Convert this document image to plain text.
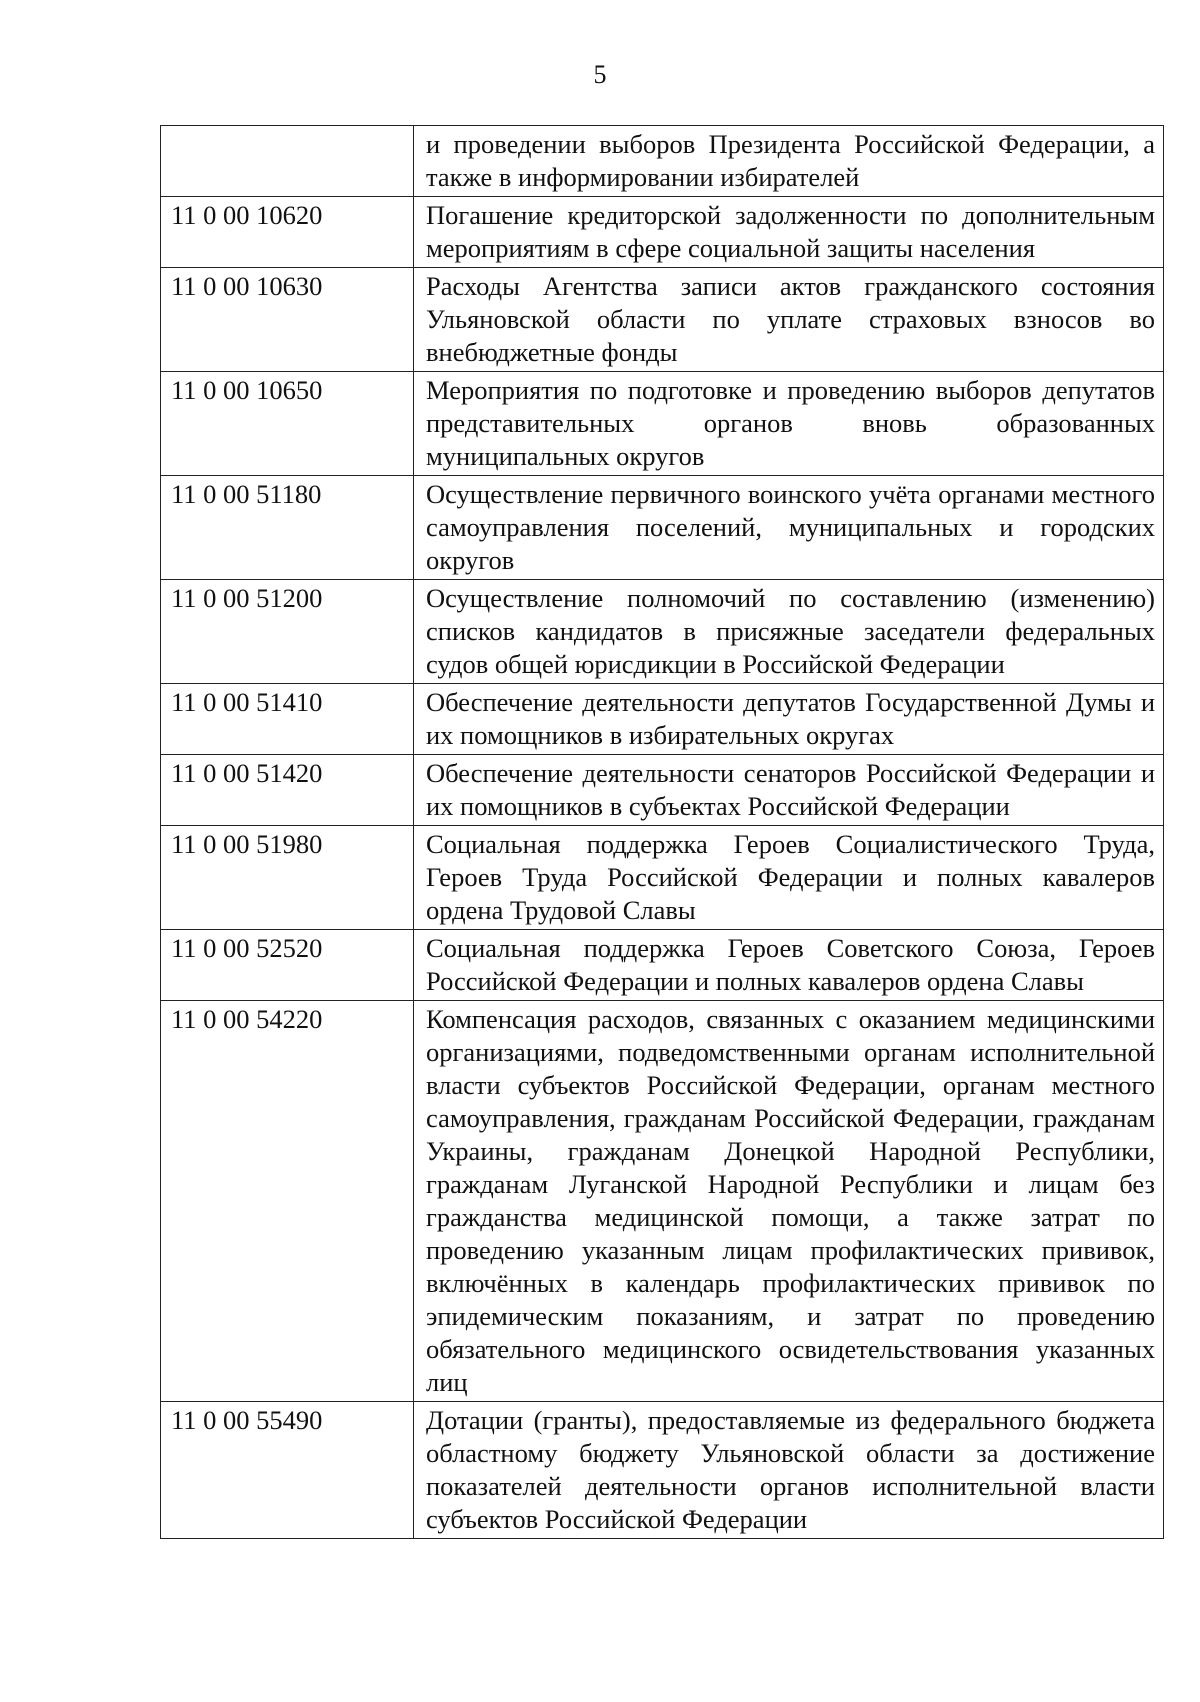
5
	и проведении выборов Президента Российской Федерации, а также в информировании избирателей
11 0 00 10620	Погашение кредиторской задолженности по дополнительным мероприятиям в сфере социальной защиты населения
11 0 00 10630	Расходы Агентства записи актов гражданского состояния Ульяновской области по уплате страховых взносов во внебюджетные фонды
11 0 00 10650	Мероприятия по подготовке и проведению выборов депутатов представительных органов вновь образованных муниципальных округов
11 0 00 51180	Осуществление первичного воинского учёта органами местного самоуправления поселений, муниципальных и городских округов
11 0 00 51200	Осуществление полномочий по составлению (изменению) списков кандидатов в присяжные заседатели федеральных судов общей юрисдикции в Российской Федерации
11 0 00 51410	Обеспечение деятельности депутатов Государственной Думы и их помощников в избирательных округах
11 0 00 51420	Обеспечение деятельности сенаторов Российской Федерации и их помощников в субъектах Российской Федерации
11 0 00 51980	Социальная поддержка Героев Социалистического Труда, Героев Труда Российской Федерации и полных кавалеров ордена Трудовой Славы
11 0 00 52520	Социальная поддержка Героев Советского Союза, Героев Российской Федерации и полных кавалеров ордена Славы
11 0 00 54220	Компенсация расходов, связанных с оказанием медицинскими организациями, подведомственными органам исполнительной власти субъектов Российской Федерации, органам местного самоуправления, гражданам Российской Федерации, гражданам Украины, гражданам Донецкой Народной Республики, гражданам Луганской Народной Республики и лицам без гражданства медицинской помощи, а также затрат по проведению указанным лицам профилактических прививок, включённых в календарь профилактических прививок по эпидемическим показаниям, и затрат по проведению обязательного медицинского освидетельствования указанных лиц
11 0 00 55490	Дотации (гранты), предоставляемые из федерального бюджета областному бюджету Ульяновской области за достижение показателей деятельности органов исполнительной власти субъектов Российской Федерации
